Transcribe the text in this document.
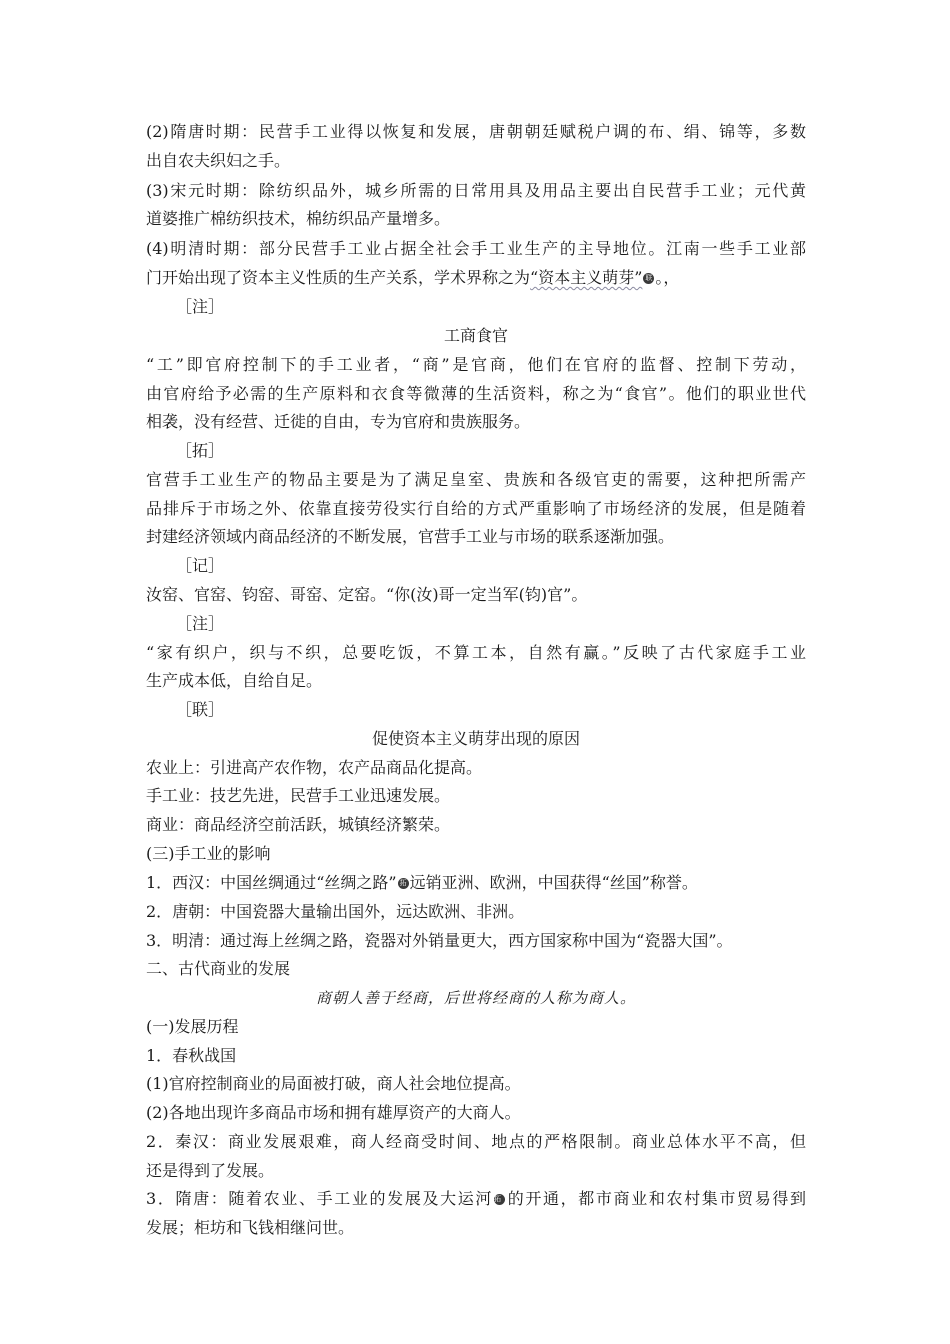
(2)隋唐时期：民营手工业得以恢复和发展，唐朝朝廷赋税户调的布、绢、锦等，多数
出自农夫织妇之手。
(3)宋元时期：除纺织品外，城乡所需的日常用具及用品主要出自民营手工业；元代黄
道婆推广棉纺织技术，棉纺织品产量增多。
(4)明清时期：部分民营手工业占据全社会手工业生产的主导地位。江南一些手工业部
门开始出现了资本主义性质的生产关系，学术界称之为“资本主义萌芽” 联 。，
［注］
工商食官
“工”即官府控制下的手工业者，“商”是官商，他们在官府的监督、控制下劳动，
由官府给予必需的生产原料和衣食等微薄的生活资料，称之为“食官”。他们的职业世代
相袭，没有经营、迁徙的自由，专为官府和贵族服务。
［拓］
官营手工业生产的物品主要是为了满足皇室、贵族和各级官吏的需要，这种把所需产
品排斥于市场之外、依靠直接劳役实行自给的方式严重影响了市场经济的发展，但是随着
封建经济领域内商品经济的不断发展，官营手工业与市场的联系逐渐加强。
［记］
汝窑、官窑、钧窑、哥窑、定窑。“你(汝)哥一定当军(钧)官”。
［注］
“家有织户，织与不织，总要吃饭，不算工本，自然有赢。”反映了古代家庭手工业
生产成本低，自给自足。
［联］
促使资本主义萌芽出现的原因
农业上：引进高产农作物，农产品商品化提高。
手工业：技艺先进，民营手工业迅速发展。
商业：商品经济空前活跃，城镇经济繁荣。
(三)手工业的影响
1．西汉：中国丝绸通过“丝绸之路” 拓 远销亚洲、欧洲，中国获得“丝国”称誉。
2．唐朝：中国瓷器大量输出国外，远达欧洲、非洲。
3．明清：通过海上丝绸之路，瓷器对外销量更大，西方国家称中国为“瓷器大国”。
二、古代商业的发展
商朝人善于经商，后世将经商的人称为商人。
(一)发展历程
1．春秋战国
(1)官府控制商业的局面被打破，商人社会地位提高。
(2)各地出现许多商品市场和拥有雄厚资产的大商人。
2．秦汉：商业发展艰难，商人经商受时间、地点的严格限制。商业总体水平不高，但
还是得到了发展。
3．隋唐：随着农业、手工业的发展及大运河拓 的开通，都市商业和农村集市贸易得到
发展；柜坊和飞钱相继问世。
